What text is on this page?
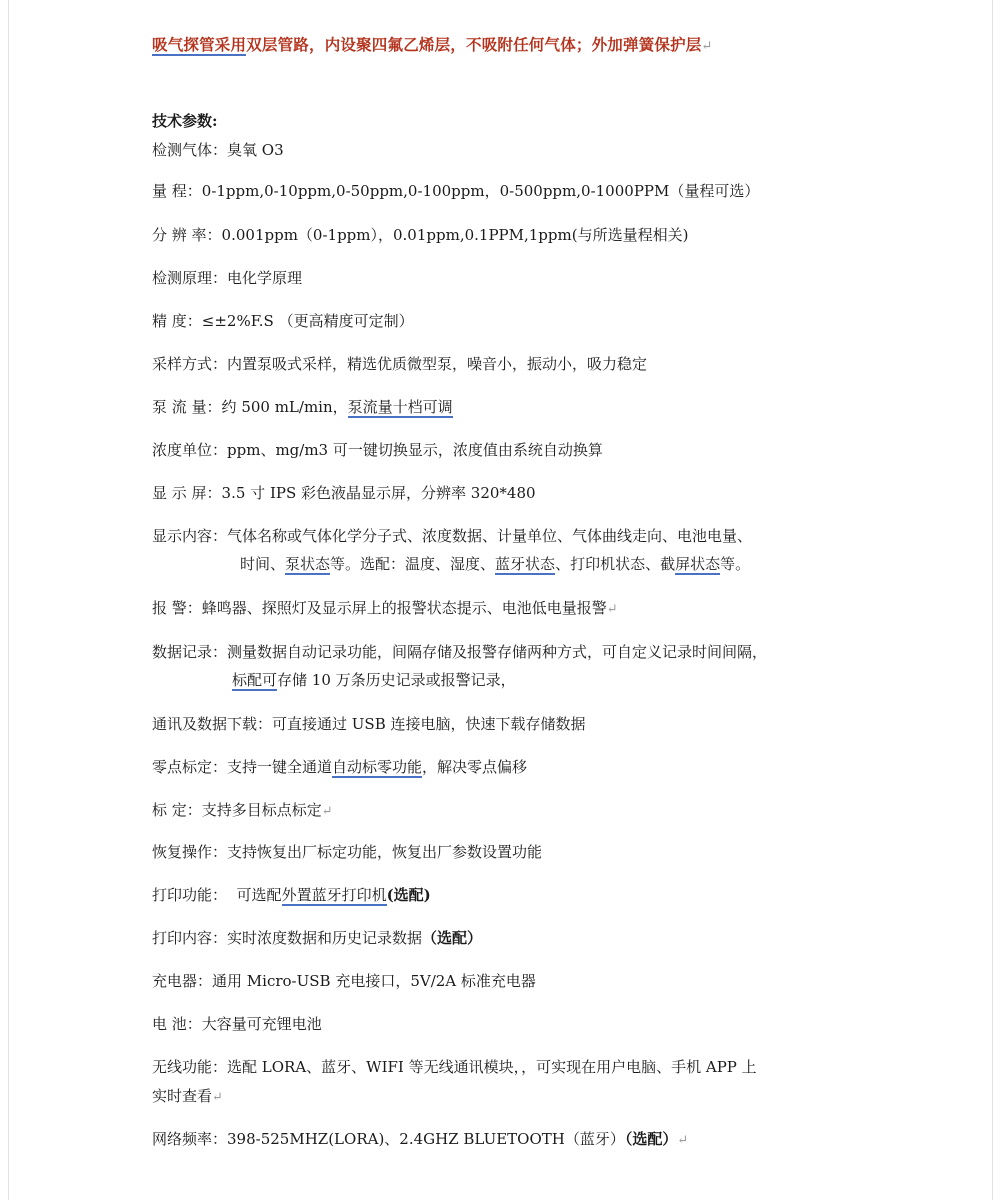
吸气探管采用双层管路，内设聚四氟乙烯层，不吸附任何气体；外加弹簧保护层↵
技术参数:
检测气体：臭氧 O3
量 程：0-1ppm,0-10ppm,0-50ppm,0-100ppm，0-500ppm,0-1000PPM（量程可选）
分 辨 率：0.001ppm（0-1ppm），0.01ppm,0.1PPM,1ppm(与所选量程相关)
检测原理：电化学原理
精 度：≤±2%F.S （更高精度可定制）
采样方式：内置泵吸式采样，精选优质微型泵，噪音小，振动小，吸力稳定
泵 流 量：约 500 mL/min，泵流量十档可调
浓度单位：ppm、mg/m3 可一键切换显示，浓度值由系统自动换算
显 示 屏：3.5 寸 IPS 彩色液晶显示屏，分辨率 320*480
显示内容：气体名称或气体化学分子式、浓度数据、计量单位、气体曲线走向、电池电量、
时间、泵状态等。选配：温度、湿度、蓝牙状态、打印机状态、截屏状态等。
报 警：蜂鸣器、探照灯及显示屏上的报警状态提示、电池低电量报警↵
数据记录：测量数据自动记录功能，间隔存储及报警存储两种方式，可自定义记录时间间隔，
标配可存储 10 万条历史记录或报警记录，
通讯及数据下载：可直接通过 USB 连接电脑，快速下载存储数据
零点标定：支持一键全通道自动标零功能，解决零点偏移
标 定：支持多目标点标定↵
恢复操作：支持恢复出厂标定功能，恢复出厂参数设置功能
打印功能：  可选配外置蓝牙打印机(选配)
打印内容：实时浓度数据和历史记录数据（选配）
充电器：通用 Micro-USB 充电接口，5V/2A 标准充电器
电 池：大容量可充锂电池
无线功能：选配 LORA、蓝牙、WIFI 等无线通讯模块，，可实现在用户电脑、手机 APP 上
实时查看↵
网络频率：398-525MHZ(LORA)、2.4GHZ BLUETOOTH（蓝牙）（选配）↵
